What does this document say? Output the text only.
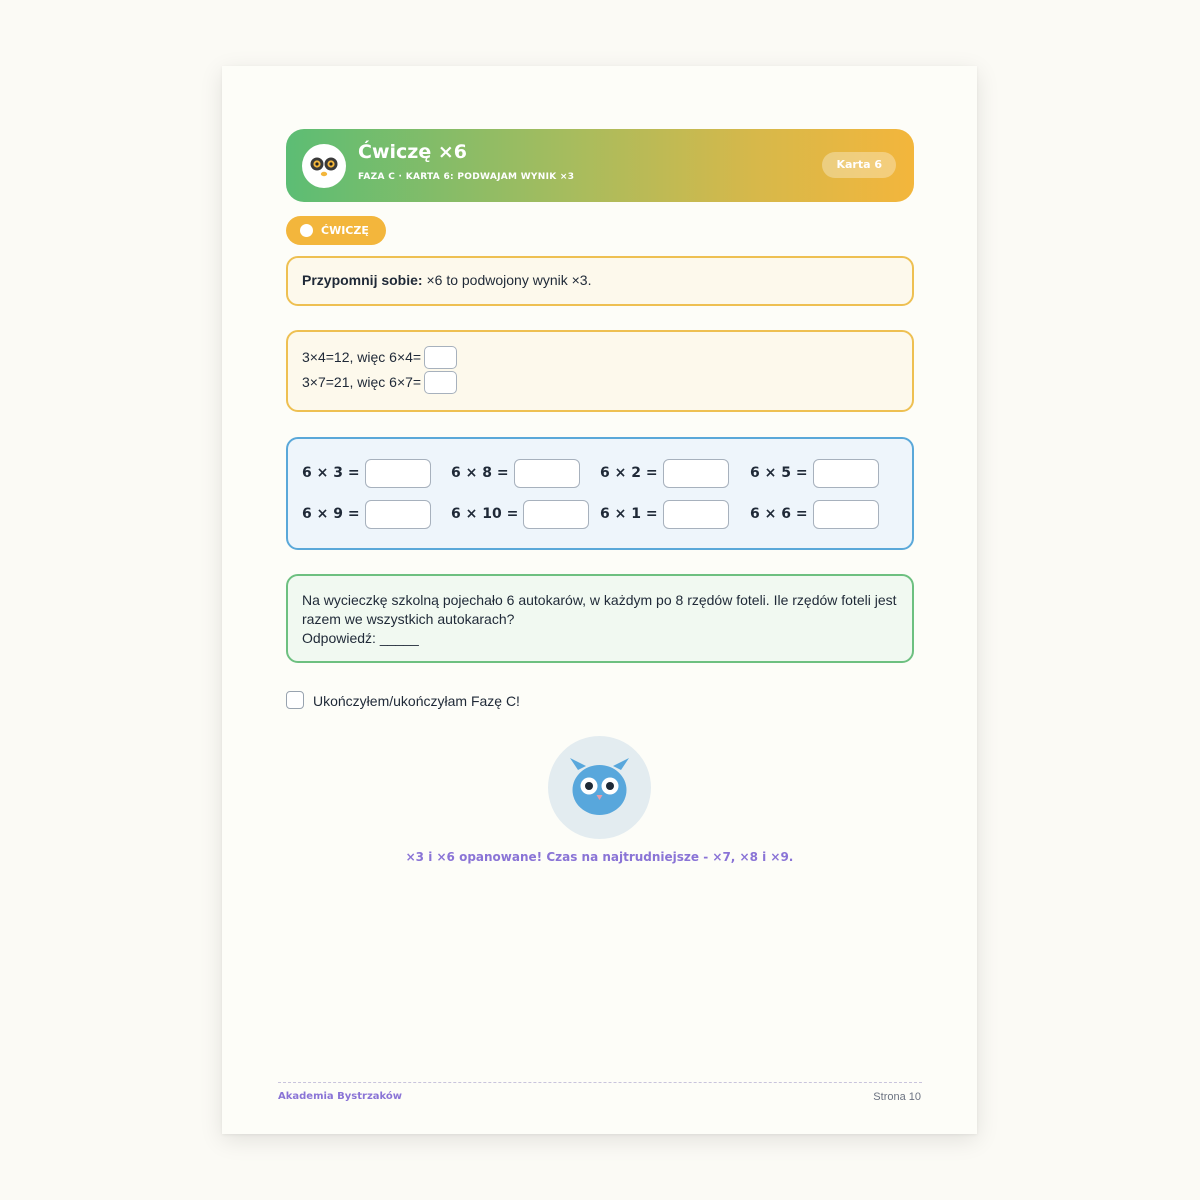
Ćwiczę ×6
FAZA C · KARTA 6: PODWAJAM WYNIK ×3
Karta 6
ĆWICZĘ
Przypomnij sobie: ×6 to podwojony wynik ×3.
3×4=12, więc 6×4=
3×7=21, więc 6×7=
6 × 3 =	6 × 8 =	6 × 2 =	6 × 5 =
6 × 9 =	6 × 10 =	6 × 1 =	6 × 6 =
Na wycieczkę szkolną pojechało 6 autokarów, w każdym po 8 rzędów foteli. Ile rzędów foteli jest razem we wszystkich autokarach?
Odpowiedź: _____
Ukończyłem/ukończyłam Fazę C!
×3 i ×6 opanowane! Czas na najtrudniejsze - ×7, ×8 i ×9.
Akademia Bystrzaków	Strona 10
